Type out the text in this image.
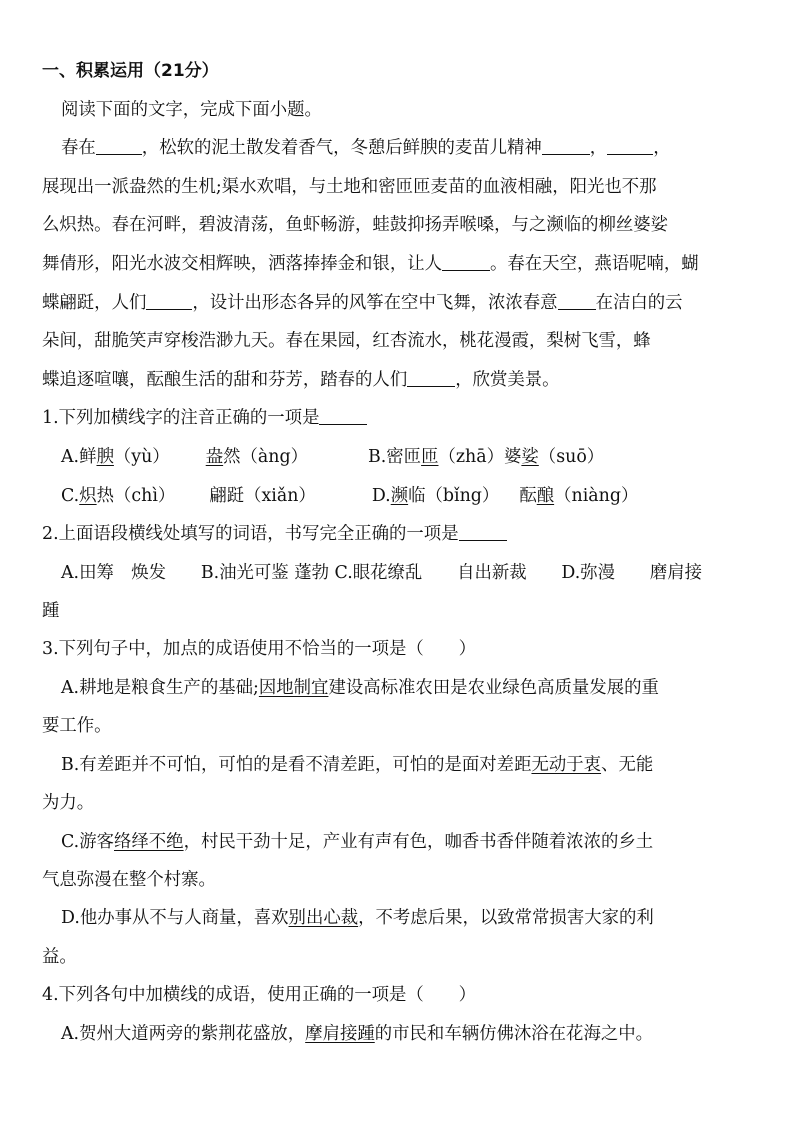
一、积累运用（21分）
阅读下面的文字，完成下面小题。
春在	，松软的泥土散发着香气，冬憩后鲜腴的麦苗儿精神	，	，
展现出一派盎然的生机;渠水欢唱，与土地和密匝匝麦苗的血液相融，阳光也不那
么炽热。春在河畔，碧波清荡，鱼虾畅游，蛙鼓抑扬弄喉嗓，与之濒临的柳丝婆娑
舞倩形，阳光水波交相辉映，洒落捧捧金和银，让人	。春在天空，燕语呢喃，蝴
蝶翩跹，人们	，设计出形态各异的风筝在空中飞舞，浓浓春意 在洁白的云
朵间，甜脆笑声穿梭浩渺九天。春在果园，红杏流水，桃花漫霞，梨树飞雪，蜂
蝶追逐喧嚷，酝酿生活的甜和芬芳，踏春的人们	，欣赏美景。
1.下列加横线字的注音正确的一项是
A.鲜腴（yù） 盎然（àng）	B.密匝匝（zhā）婆娑（suō）
C.炽热（chì） 翩跹（xiǎn）	D.濒临（bǐng） 酝酿（niàng）
2.上面语段横线处填写的词语，书写完全正确的一项是
A.田筹　焕发　　B.油光可鉴 蓬勃 C.眼花缭乱　　自出新裁　　D.弥漫　　磨肩接
踵
3.下列句子中，加点的成语使用不恰当的一项是（　　）
A.耕地是粮食生产的基础;因地制宜建设高标准农田是农业绿色高质量发展的重
要工作。
B.有差距并不可怕，可怕的是看不清差距，可怕的是面对差距无动于衷、无能
为力。
C.游客络绎不绝，村民干劲十足，产业有声有色，咖香书香伴随着浓浓的乡土
气息弥漫在整个村寨。
D.他办事从不与人商量，喜欢别出心裁，不考虑后果，以致常常损害大家的利
益。
4.下列各句中加横线的成语，使用正确的一项是（　　）
A.贺州大道两旁的紫荆花盛放，摩肩接踵的市民和车辆仿佛沐浴在花海之中。
